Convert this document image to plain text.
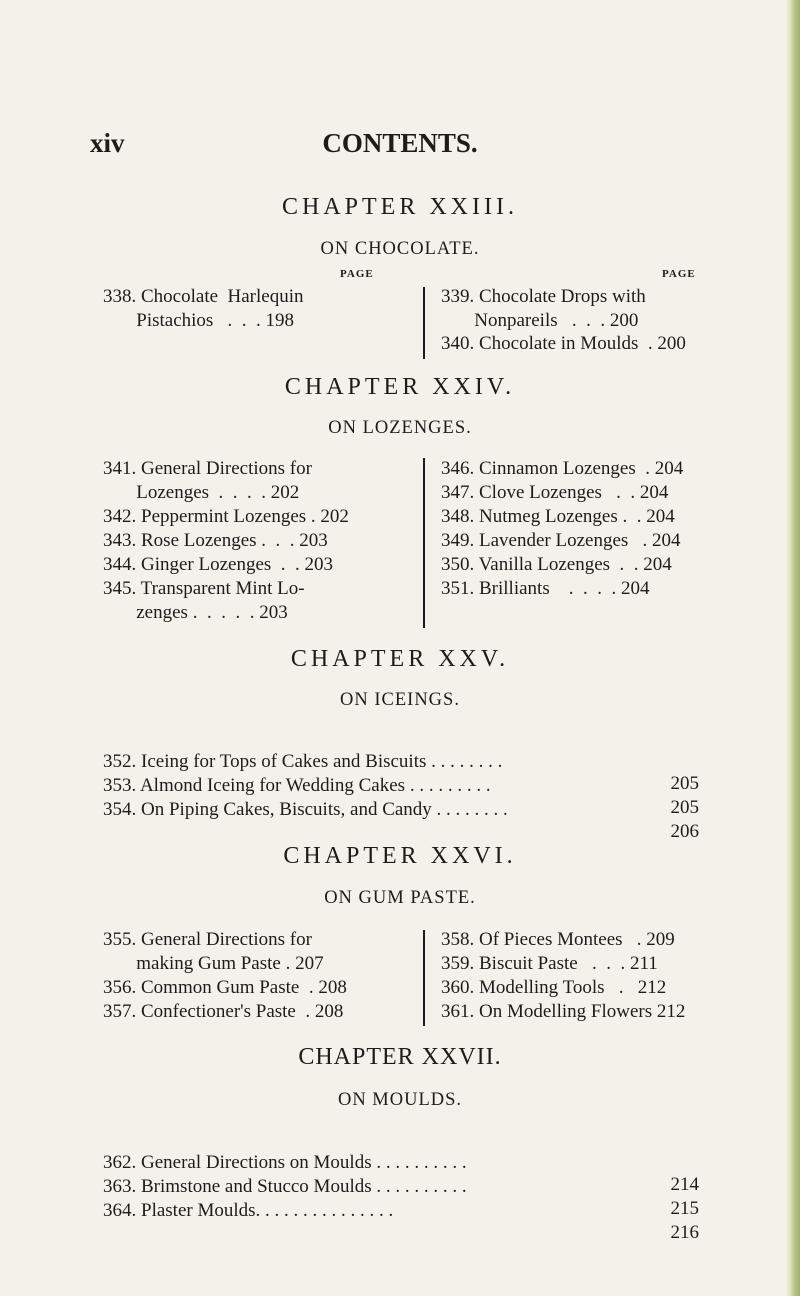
xiv	CONTENTS.
CHAPTER XXIII.
ON CHOCOLATE.
PAGE	PAGE
338. Chocolate  Harlequin
Pistachios   .  .  . 198
339. Chocolate Drops with
Nonpareils   .  .  . 200
340. Chocolate in Moulds  . 200
CHAPTER XXIV.
ON LOZENGES.
341. General Directions for
Lozenges  .  .  .  . 202
342. Peppermint Lozenges . 202
343. Rose Lozenges .  .  . 203
344. Ginger Lozenges  .  . 203
345. Transparent Mint Lo-
zenges .  .  .  .  . 203
346. Cinnamon Lozenges  . 204
347. Clove Lozenges   .  . 204
348. Nutmeg Lozenges .  . 204
349. Lavender Lozenges   . 204
350. Vanilla Lozenges  .  . 204
351. Brilliants    .  .  .  . 204
CHAPTER XXV.
ON ICEINGS.

352. Iceing for Tops of Cakes and Biscuits . . . . . . . .

205

353. Almond Iceing for Wedding Cakes . . . . . . . . .

205

354. On Piping Cakes, Biscuits, and Candy . . . . . . . .

206

CHAPTER XXVI.
ON GUM PASTE.
355. General Directions for
making Gum Paste . 207
356. Common Gum Paste  . 208
357. Confectioner's Paste  . 208
358. Of Pieces Montees   . 209
359. Biscuit Paste   .  .  . 211
360. Modelling Tools   .   212
361. On Modelling Flowers 212
CHAPTER XXVII.
ON MOULDS.

362. General Directions on Moulds . . . . . . . . . .

214

363. Brimstone and Stucco Moulds . . . . . . . . . .

215

364. Plaster Moulds. . . . . . . . . . . . . . .

216
